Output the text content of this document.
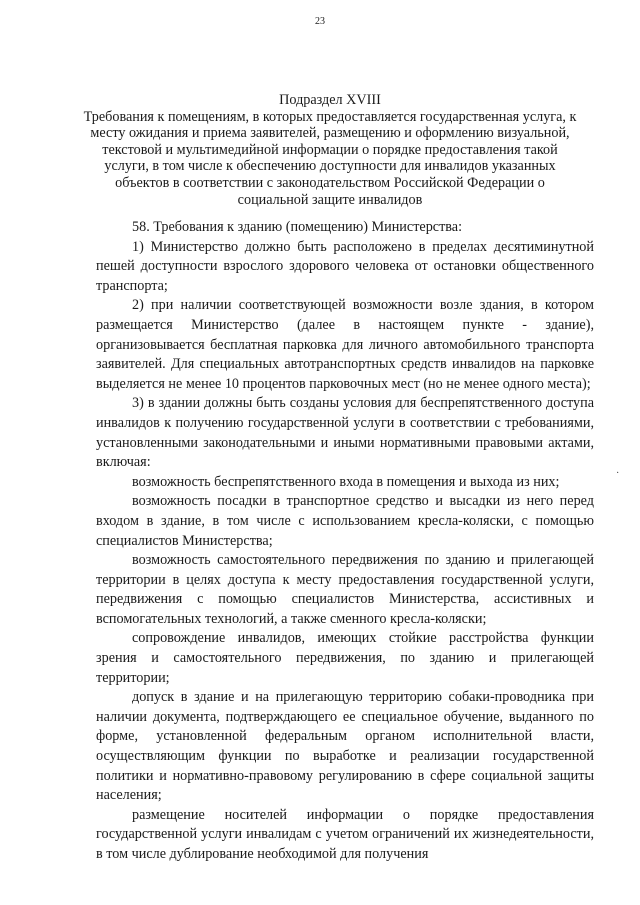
23
Подраздел XVIII
Требования к помещениям, в которых предоставляется государственная услуга, к месту ожидания и приема заявителей, размещению и оформлению визуальной, текстовой и мультимедийной информации о порядке предоставления такой услуги, в том числе к обеспечению доступности для инвалидов указанных объектов в соответствии с законодательством Российской Федерации о социальной защите инвалидов

58. Требования к зданию (помещению) Министерства:

1) Министерство должно быть расположено в пределах десятиминутной пешей доступности взрослого здорового человека от остановки общественного транспорта;

2) при наличии соответствующей возможности возле здания, в котором размещается Министерство (далее в настоящем пункте - здание), организовывается бесплатная парковка для личного автомобильного транспорта заявителей. Для специальных автотранспортных средств инвалидов на парковке выделяется не менее 10 процентов парковочных мест (но не менее одного места);

3) в здании должны быть созданы условия для беспрепятственного доступа инвалидов к получению государственной услуги в соответствии с требованиями, установленными законодательными и иными нормативными правовыми актами, включая:

возможность беспрепятственного входа в помещения и выхода из них;

возможность посадки в транспортное средство и высадки из него перед входом в здание, в том числе с использованием кресла-коляски, с помощью специалистов Министерства;

возможность самостоятельного передвижения по зданию и прилегающей территории в целях доступа к месту предоставления государственной услуги, передвижения с помощью специалистов Министерства, ассистивных и вспомогательных технологий, а также сменного кресла-коляски;

сопровождение инвалидов, имеющих стойкие расстройства функции зрения и самостоятельного передвижения, по зданию и прилегающей территории;

допуск в здание и на прилегающую территорию собаки-проводника при наличии документа, подтверждающего ее специальное обучение, выданного по форме, установленной федеральным органом исполнительной власти, осуществляющим функции по выработке и реализации государственной политики и нормативно-правовому регулированию в сфере социальной защиты населения;

размещение носителей информации о порядке предоставления государственной услуги инвалидам с учетом ограничений их жизнедеятельности, в том числе дублирование необходимой для получения

·
